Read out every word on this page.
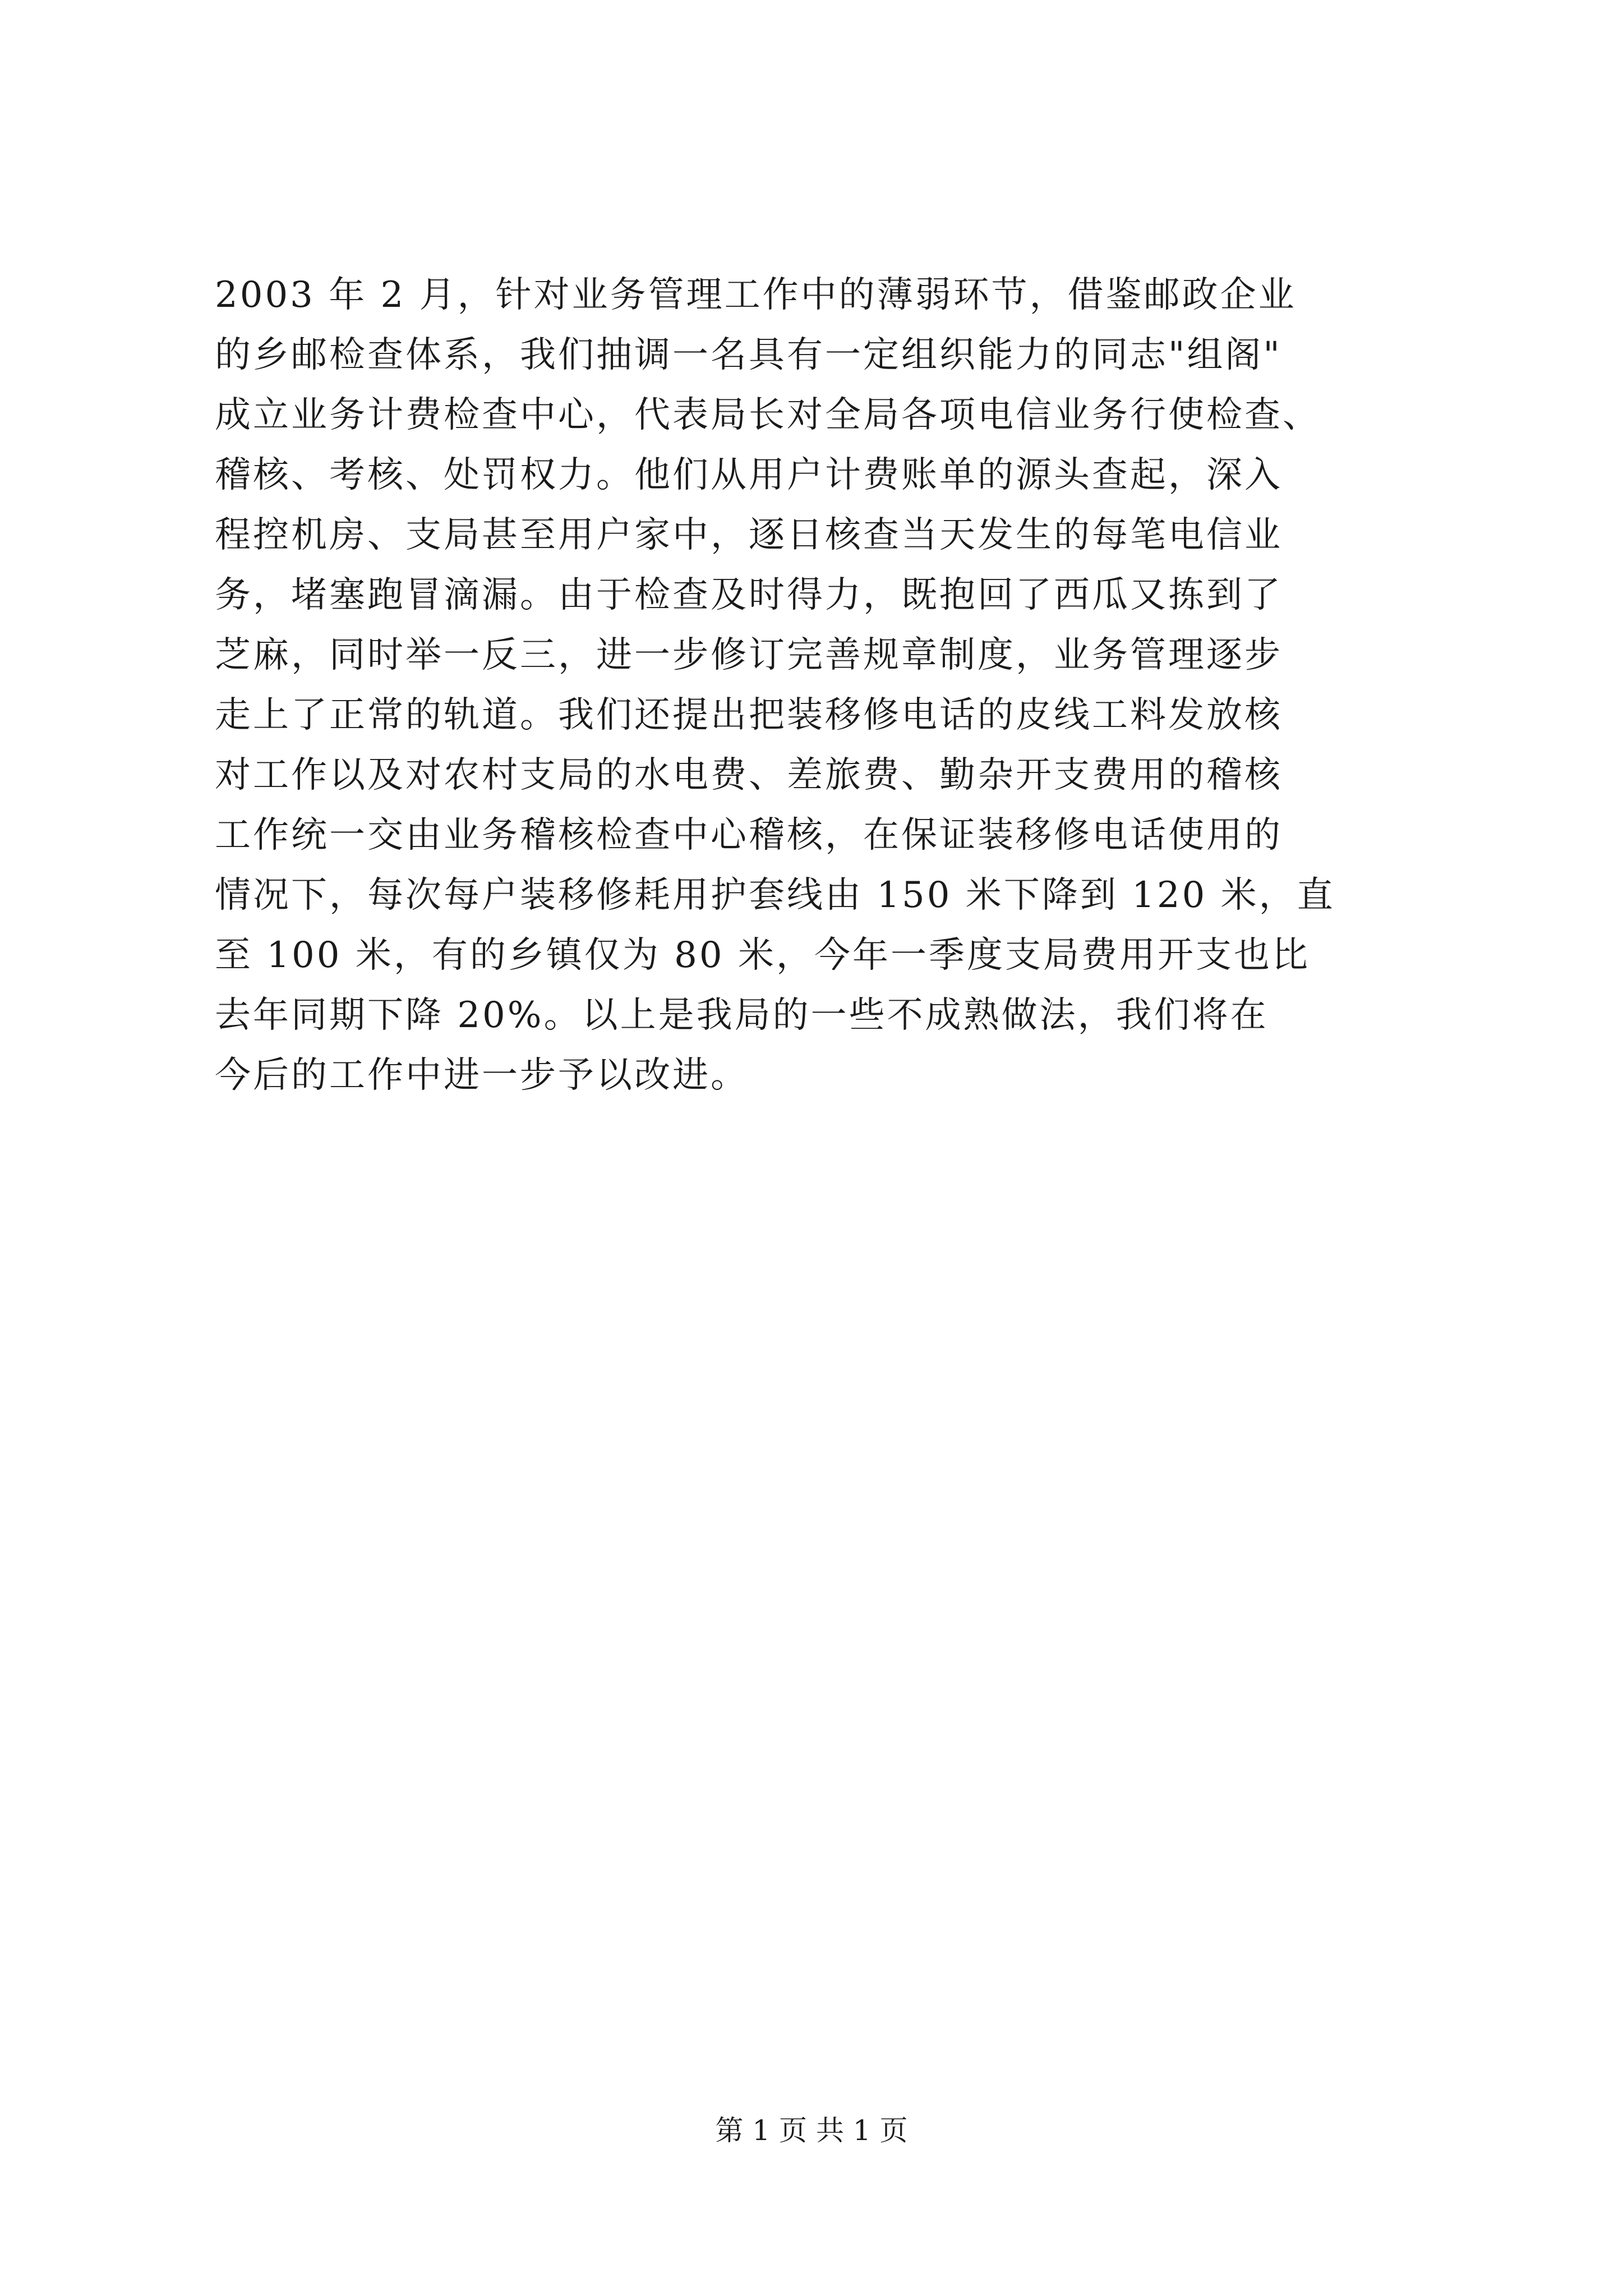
2003 年 2 月，针对业务管理工作中的薄弱环节，借鉴邮政企业
的乡邮检查体系，我们抽调一名具有一定组织能力的同志"组阁"
成立业务计费检查中心，代表局长对全局各项电信业务行使检查、
稽核、考核、处罚权力。他们从用户计费账单的源头查起，深入
程控机房、支局甚至用户家中，逐日核查当天发生的每笔电信业
务，堵塞跑冒滴漏。由于检查及时得力，既抱回了西瓜又拣到了
芝麻，同时举一反三，进一步修订完善规章制度，业务管理逐步
走上了正常的轨道。我们还提出把装移修电话的皮线工料发放核
对工作以及对农村支局的水电费、差旅费、勤杂开支费用的稽核
工作统一交由业务稽核检查中心稽核，在保证装移修电话使用的
情况下，每次每户装移修耗用护套线由 150 米下降到 120 米，直
至 100 米，有的乡镇仅为 80 米，今年一季度支局费用开支也比
去年同期下降 20%。以上是我局的一些不成熟做法，我们将在
今后的工作中进一步予以改进。
第 1 页 共 1 页
